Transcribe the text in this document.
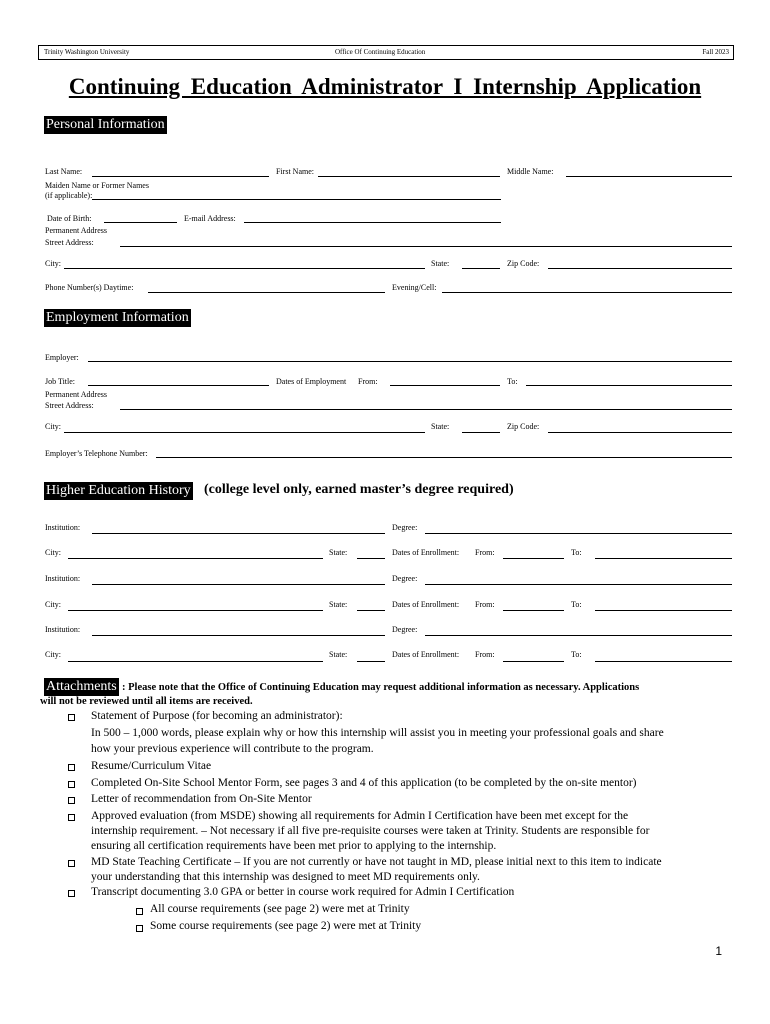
Trinity Washington University	Office Of Continuing Education	Fall 2023
Continuing Education Administrator I Internship Application
Personal Information
Last Name:	First Name:	Middle Name:
Maiden Name or Former Names
(if applicable):
Date of Birth:	E-mail Address:
Permanent Address
Street Address:
City:	State:	Zip Code:
Phone Number(s) Daytime:	Evening/Cell:
Employment Information
Employer:
Job Title:	Dates of Employment From:	To:
Permanent Address
Street Address:
City:	State:	Zip Code:
Employer’s Telephone Number:
Higher Education History (college level only, earned master’s degree required)
Institution:	Degree:
City:	State:	Dates of Enrollment: From:	To:
Institution:	Degree:
City:	State:	Dates of Enrollment: From:	To:
Institution:	Degree:
City:	State:	Dates of Enrollment: From:	To:
Attachments : Please note that the Office of Continuing Education may request additional information as necessary. Applications
will not be reviewed until all items are received.
Statement of Purpose (for becoming an administrator):
In 500 – 1,000 words, please explain why or how this internship will assist you in meeting your professional goals and share
how your previous experience will contribute to the program.
Resume/Curriculum Vitae
Completed On-Site School Mentor Form, see pages 3 and 4 of this application (to be completed by the on-site mentor)
Letter of recommendation from On-Site Mentor
Approved evaluation (from MSDE) showing all requirements for Admin I Certification have been met except for the
internship requirement. – Not necessary if all five pre-requisite courses were taken at Trinity. Students are responsible for
ensuring all certification requirements have been met prior to applying to the internship.
MD State Teaching Certificate – If you are not currently or have not taught in MD, please initial next to this item to indicate
your understanding that this internship was designed to meet MD requirements only.
Transcript documenting 3.0 GPA or better in course work required for Admin I Certification
All course requirements (see page 2) were met at Trinity
Some course requirements (see page 2) were met at Trinity
1
